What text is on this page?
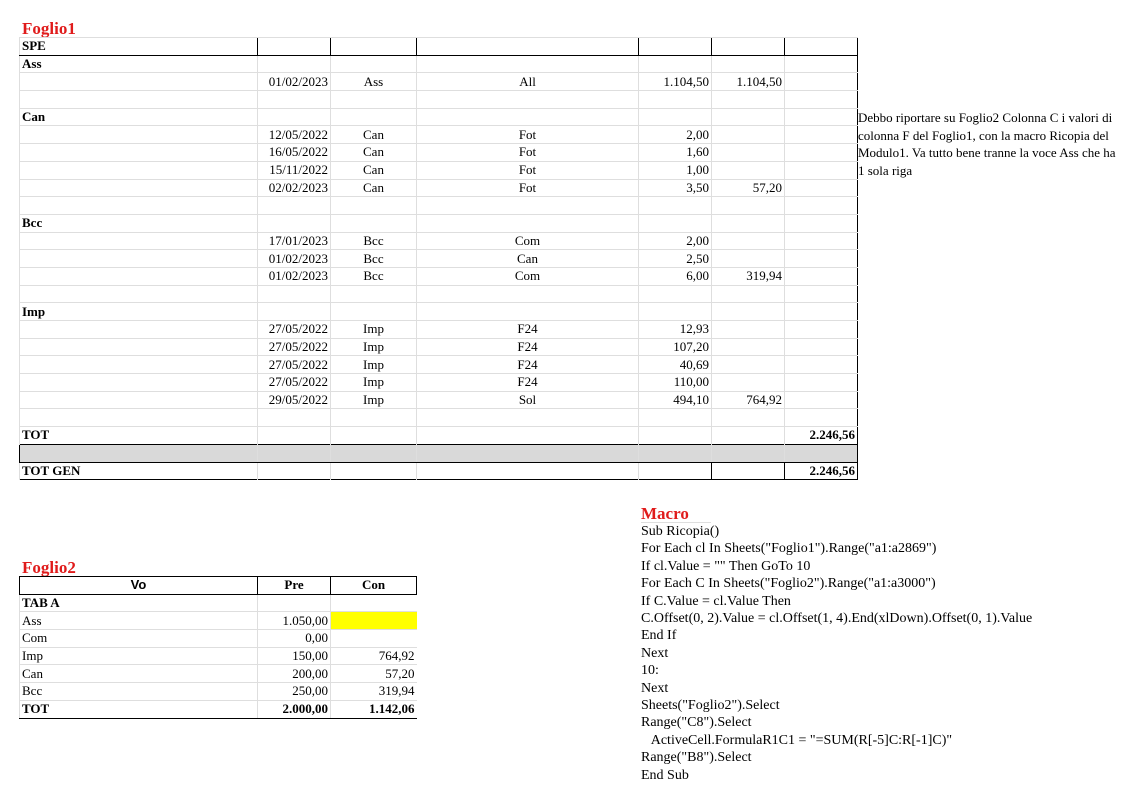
Foglio1
SPE						
Ass						
	01/02/2023	Ass	All	1.104,50	1.104,50	

Can						
	12/05/2022	Can	Fot	2,00		
	16/05/2022	Can	Fot	1,60		
	15/11/2022	Can	Fot	1,00		
	02/02/2023	Can	Fot	3,50	57,20	

Bcc						
	17/01/2023	Bcc	Com	2,00		
	01/02/2023	Bcc	Can	2,50		
	01/02/2023	Bcc	Com	6,00	319,94	

Imp						
	27/05/2022	Imp	F24	12,93		
	27/05/2022	Imp	F24	107,20		
	27/05/2022	Imp	F24	40,69		
	27/05/2022	Imp	F24	110,00		
	29/05/2022	Imp	Sol	494,10	764,92	

TOT						2.246,56

TOT GEN						2.246,56
Debbo riportare su Foglio2 Colonna C i valori di colonna F del Foglio1, con la macro Ricopia del Modulo1. Va tutto bene tranne la voce Ass che ha 1 sola riga
Foglio2
Vo	Pre	Con
TAB A		
Ass	1.050,00	
Com	0,00	
Imp	150,00	764,92
Can	200,00	57,20
Bcc	250,00	319,94
TOT	2.000,00	1.142,06
Macro
Sub Ricopia()
For Each cl In Sheets("Foglio1").Range("a1:a2869")
If cl.Value = "" Then GoTo 10
For Each C In Sheets("Foglio2").Range("a1:a3000")
If C.Value = cl.Value Then
C.Offset(0, 2).Value = cl.Offset(1, 4).End(xlDown).Offset(0, 1).Value
End If
Next
10:
Next
Sheets("Foglio2").Select
Range("C8").Select
ActiveCell.FormulaR1C1 = "=SUM(R[-5]C:R[-1]C)"
Range("B8").Select
End Sub
